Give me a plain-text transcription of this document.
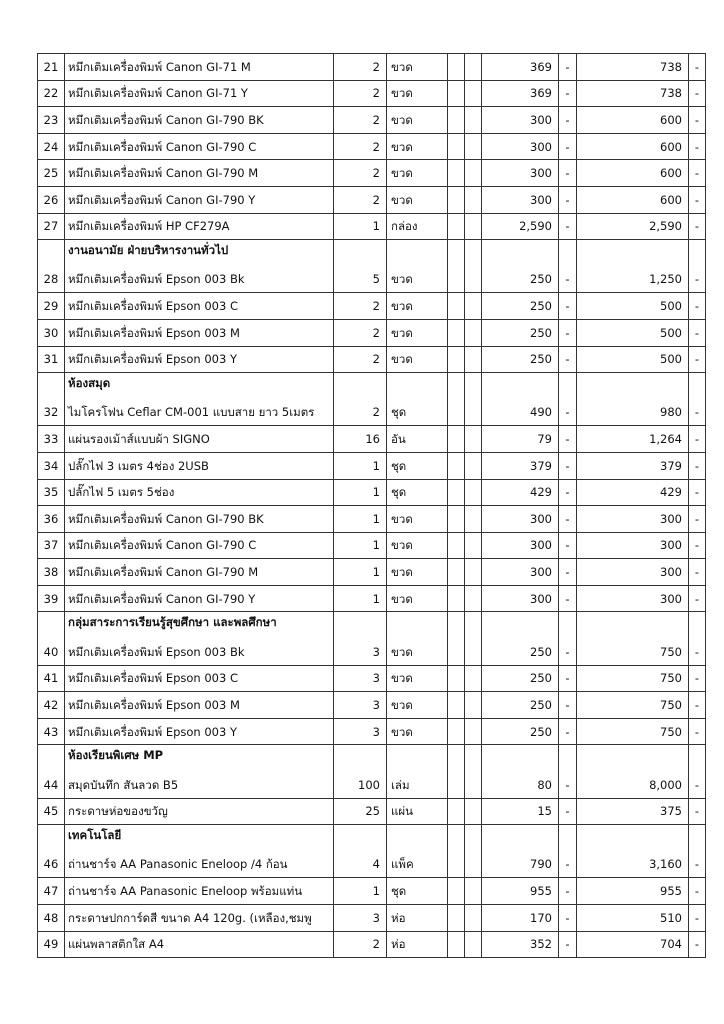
21	หมึกเติมเครื่องพิมพ์ Canon GI-71 M	2	ขวด			369	-	738	-
22	หมึกเติมเครื่องพิมพ์ Canon GI-71 Y	2	ขวด			369	-	738	-
23	หมึกเติมเครื่องพิมพ์ Canon GI-790 BK	2	ขวด			300	-	600	-
24	หมึกเติมเครื่องพิมพ์ Canon GI-790 C	2	ขวด			300	-	600	-
25	หมึกเติมเครื่องพิมพ์ Canon GI-790 M	2	ขวด			300	-	600	-
26	หมึกเติมเครื่องพิมพ์ Canon GI-790 Y	2	ขวด			300	-	600	-
27	หมึกเติมเครื่องพิมพ์ HP CF279A	1	กล่อง			2,590	-	2,590	-
	งานอนามัย ฝ่ายบริหารงานทั่วไป								
28	หมึกเติมเครื่องพิมพ์ Epson 003 Bk	5	ขวด			250	-	1,250	-
29	หมึกเติมเครื่องพิมพ์ Epson 003 C	2	ขวด			250	-	500	-
30	หมึกเติมเครื่องพิมพ์ Epson 003 M	2	ขวด			250	-	500	-
31	หมึกเติมเครื่องพิมพ์ Epson 003 Y	2	ขวด			250	-	500	-
	ห้องสมุด								
32	ไมโครโฟน Ceflar CM-001 แบบสาย ยาว 5เมตร	2	ชุด			490	-	980	-
33	แผ่นรองเม้าส์แบบผ้า SIGNO	16	อัน			79	-	1,264	-
34	ปลั๊กไฟ 3 เมตร 4ช่อง 2USB	1	ชุด			379	-	379	-
35	ปลั๊กไฟ 5 เมตร 5ช่อง	1	ชุด			429	-	429	-
36	หมึกเติมเครื่องพิมพ์ Canon GI-790 BK	1	ขวด			300	-	300	-
37	หมึกเติมเครื่องพิมพ์ Canon GI-790 C	1	ขวด			300	-	300	-
38	หมึกเติมเครื่องพิมพ์ Canon GI-790 M	1	ขวด			300	-	300	-
39	หมึกเติมเครื่องพิมพ์ Canon GI-790 Y	1	ขวด			300	-	300	-
	กลุ่มสาระการเรียนรู้สุขศึกษา และพลศึกษา								
40	หมึกเติมเครื่องพิมพ์ Epson 003 Bk	3	ขวด			250	-	750	-
41	หมึกเติมเครื่องพิมพ์ Epson 003 C	3	ขวด			250	-	750	-
42	หมึกเติมเครื่องพิมพ์ Epson 003 M	3	ขวด			250	-	750	-
43	หมึกเติมเครื่องพิมพ์ Epson 003 Y	3	ขวด			250	-	750	-
	ห้องเรียนพิเศษ MP								
44	สมุดบันทึก สันลวด B5	100	เล่ม			80	-	8,000	-
45	กระดาษห่อของขวัญ	25	แผ่น			15	-	375	-
	เทคโนโลยี								
46	ถ่านชาร์จ AA Panasonic Eneloop /4 ก้อน	4	แพ็ค			790	-	3,160	-
47	ถ่านชาร์จ AA Panasonic Eneloop พร้อมแท่น	1	ชุด			955	-	955	-
48	กระดาษปกการ์ดสี ขนาด A4 120g. (เหลือง,ชมพู	3	ห่อ			170	-	510	-
49	แผ่นพลาสติกใส A4	2	ห่อ			352	-	704	-
